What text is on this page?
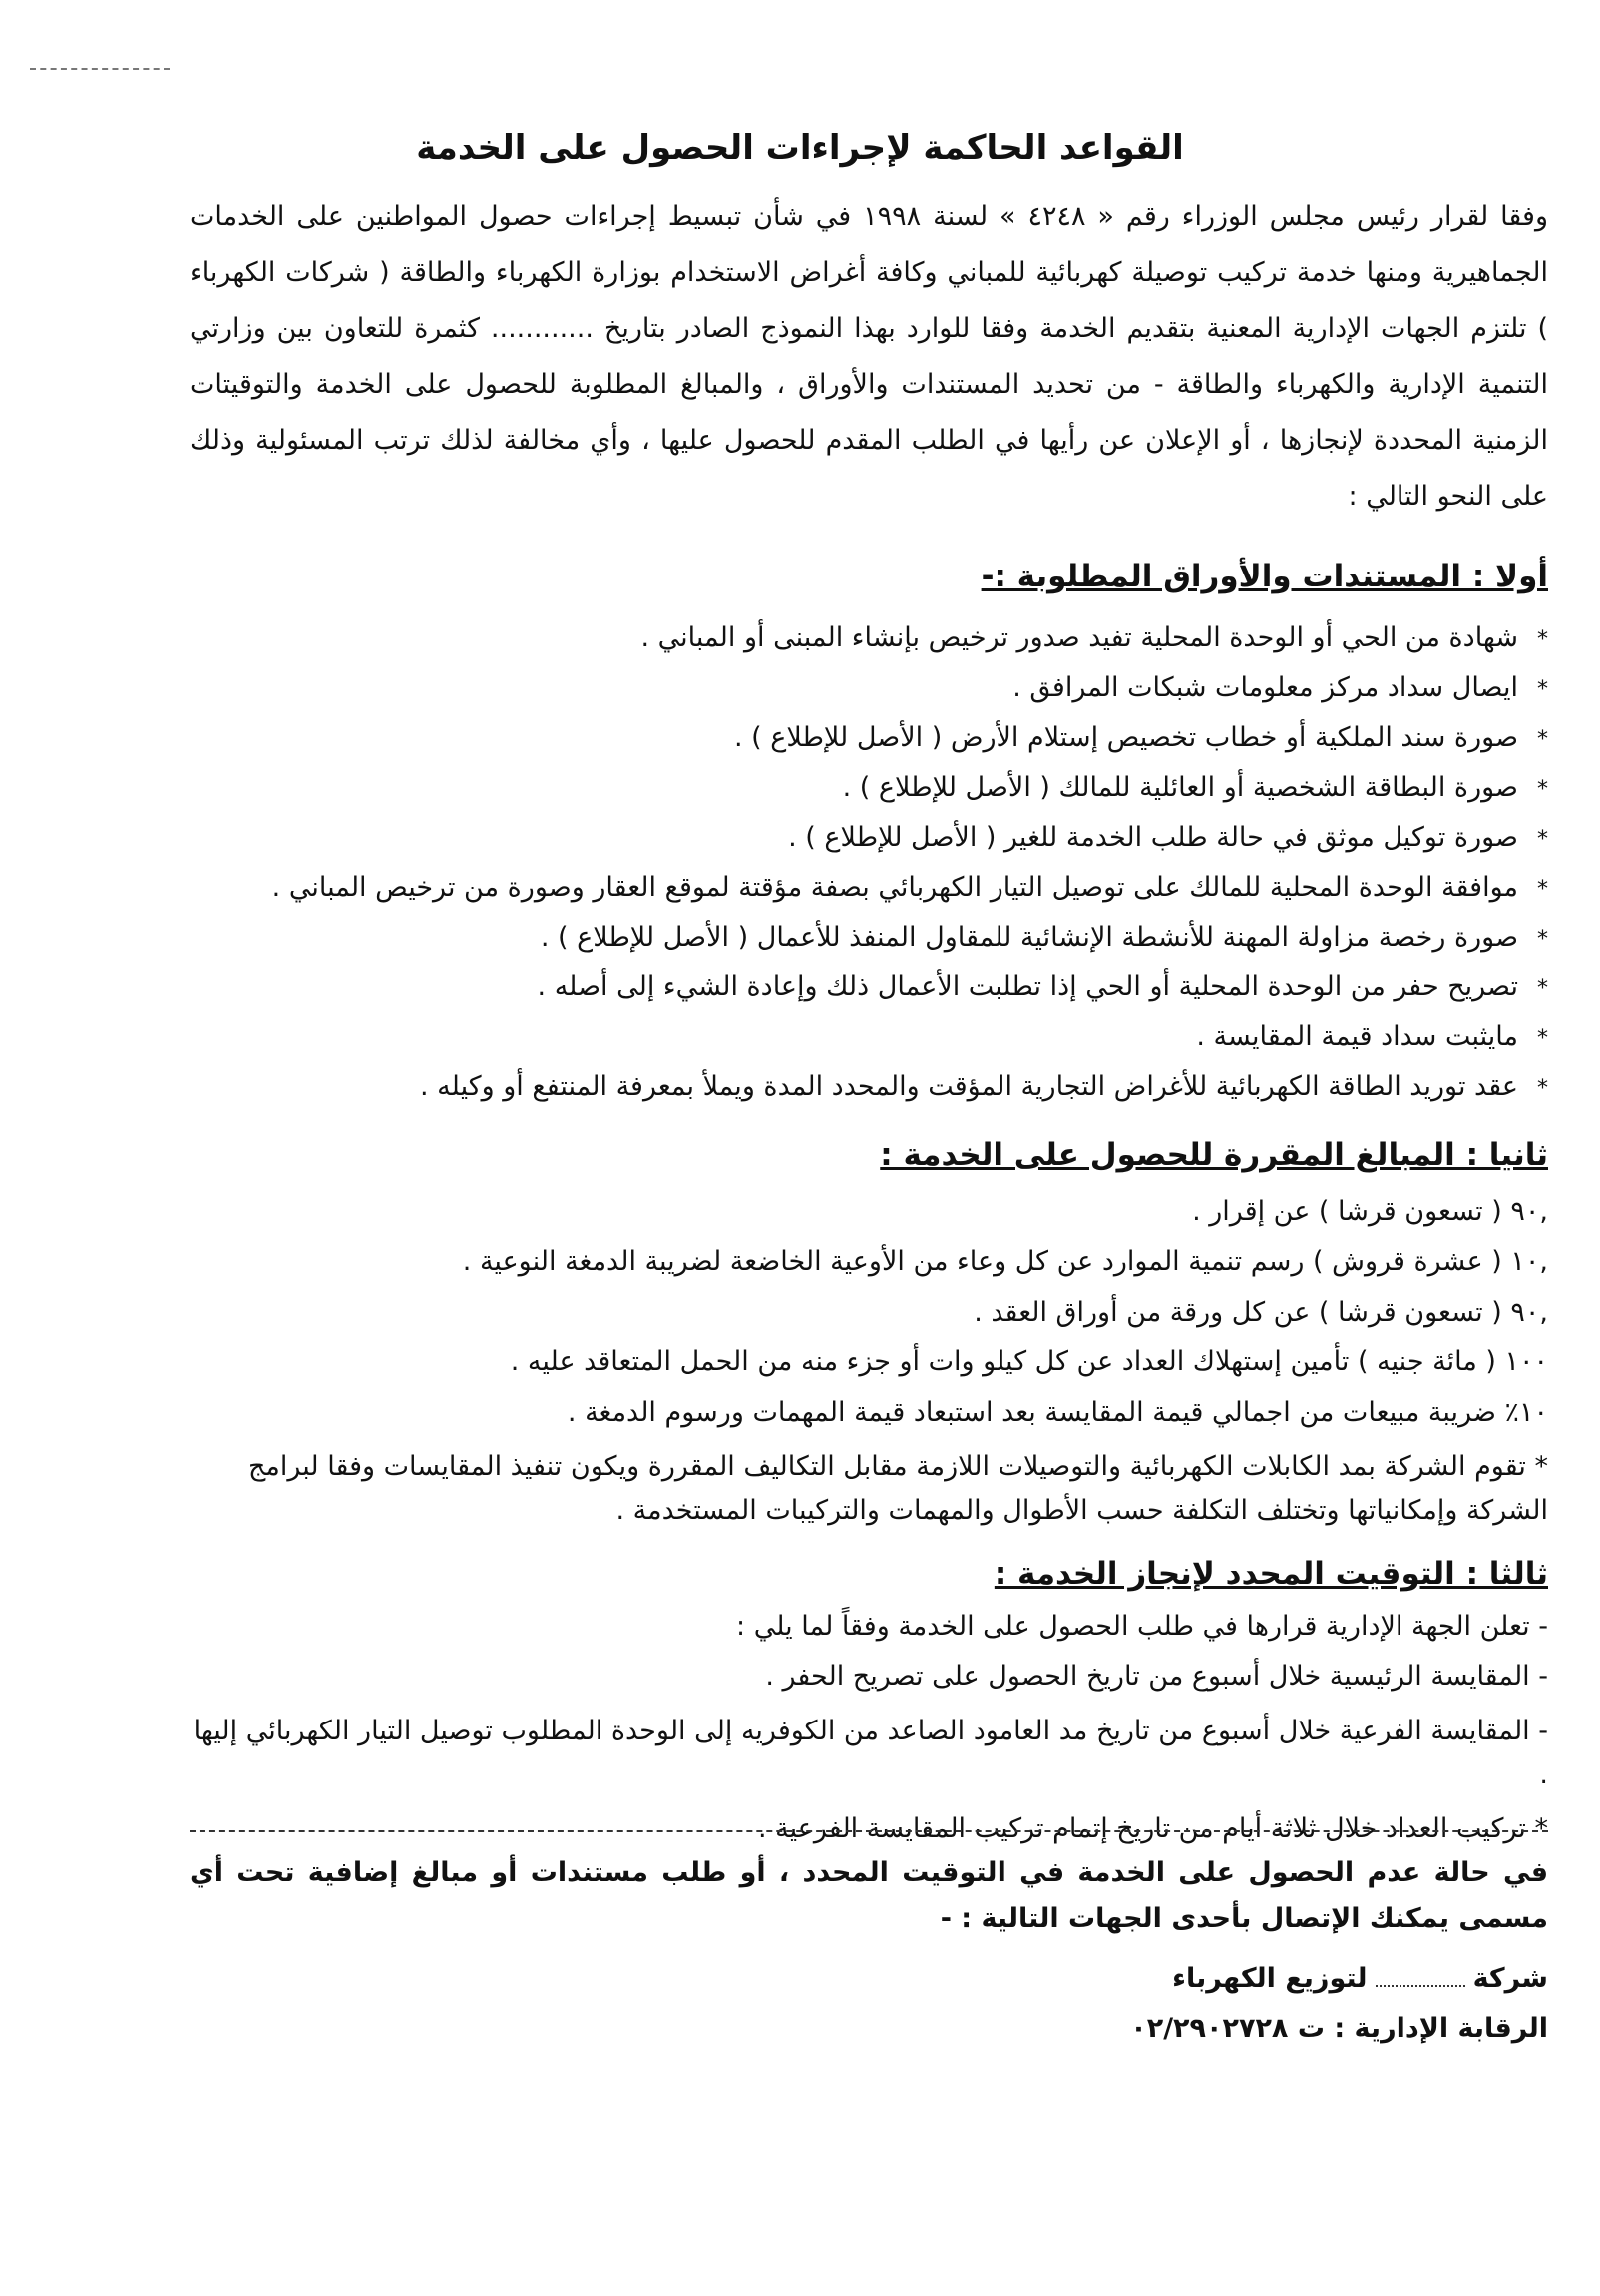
القواعد الحاكمة لإجراءات الحصول على الخدمة
وفقا لقرار رئيس مجلس الوزراء رقم « ٤٢٤٨ » لسنة ١٩٩٨ في شأن تبسيط إجراءات حصول المواطنين على الخدمات الجماهيرية ومنها خدمة تركيب توصيلة كهربائية للمباني وكافة أغراض الاستخدام بوزارة الكهرباء والطاقة ( شركات الكهرباء ) تلتزم الجهات الإدارية المعنية بتقديم الخدمة وفقا للوارد بهذا النموذج الصادر بتاريخ ............ كثمرة للتعاون بين وزارتي التنمية الإدارية والكهرباء والطاقة - من تحديد المستندات والأوراق ، والمبالغ المطلوبة للحصول على الخدمة والتوقيتات الزمنية المحددة لإنجازها ، أو الإعلان عن رأيها في الطلب المقدم للحصول عليها ، وأي مخالفة لذلك ترتب المسئولية وذلك على النحو التالي :
أولا : المستندات والأوراق المطلوبة :-
*شهادة من الحي أو الوحدة المحلية تفيد صدور ترخيص بإنشاء المبنى أو المباني .
*ايصال سداد مركز معلومات شبكات المرافق .
*صورة سند الملكية أو خطاب تخصيص إستلام الأرض ( الأصل للإطلاع ) .
*صورة البطاقة الشخصية أو العائلية للمالك ( الأصل للإطلاع ) .
*صورة توكيل موثق في حالة طلب الخدمة للغير ( الأصل للإطلاع ) .
*موافقة الوحدة المحلية للمالك على توصيل التيار الكهربائي بصفة مؤقتة لموقع العقار وصورة من ترخيص المباني .
*صورة رخصة مزاولة المهنة للأنشطة الإنشائية للمقاول المنفذ للأعمال ( الأصل للإطلاع ) .
*تصريح حفر من الوحدة المحلية أو الحي إذا تطلبت الأعمال ذلك وإعادة الشيء إلى أصله .
*مايثبت سداد قيمة المقايسة .
*عقد توريد الطاقة الكهربائية للأغراض التجارية المؤقت والمحدد المدة ويملأ بمعرفة المنتفع أو وكيله .
ثانيا : المبالغ المقررة للحصول على الخدمة :
,٩٠ ( تسعون قرشا ) عن إقرار .
,١٠ ( عشرة قروش ) رسم تنمية الموارد عن كل وعاء من الأوعية الخاضعة لضريبة الدمغة النوعية .
,٩٠ ( تسعون قرشا ) عن كل ورقة من أوراق العقد .
١٠٠ ( مائة جنيه ) تأمين إستهلاك العداد عن كل كيلو وات أو جزء منه من الحمل المتعاقد عليه .
١٠٪ ضريبة مبيعات من اجمالي قيمة المقايسة بعد استبعاد قيمة المهمات ورسوم الدمغة .
* تقوم الشركة بمد الكابلات الكهربائية والتوصيلات اللازمة مقابل التكاليف المقررة ويكون تنفيذ المقايسات وفقا لبرامج الشركة وإمكانياتها وتختلف التكلفة حسب الأطوال والمهمات والتركيبات المستخدمة .
ثالثا : التوقيت المحدد لإنجاز الخدمة :
- تعلن الجهة الإدارية قرارها في طلب الحصول على الخدمة وفقاً لما يلي :
- المقايسة الرئيسية خلال أسبوع من تاريخ الحصول على تصريح الحفر .
- المقايسة الفرعية خلال أسبوع من تاريخ مد العامود الصاعد من الكوفريه إلى الوحدة المطلوب توصيل التيار الكهربائي إليها .
* تركيب العداد خلال ثلاثة أيام من تاريخ إتمام تركيب المقايسة الفرعية .
في حالة عدم الحصول على الخدمة في التوقيت المحدد ، أو طلب مستندات أو مبالغ إضافية تحت أي مسمى يمكنك الإتصال بأحدى الجهات التالية : -
شركةلتوزيع الكهرباء
الرقابة الإدارية : ت ٠٢/٢٩٠٢٧٢٨
